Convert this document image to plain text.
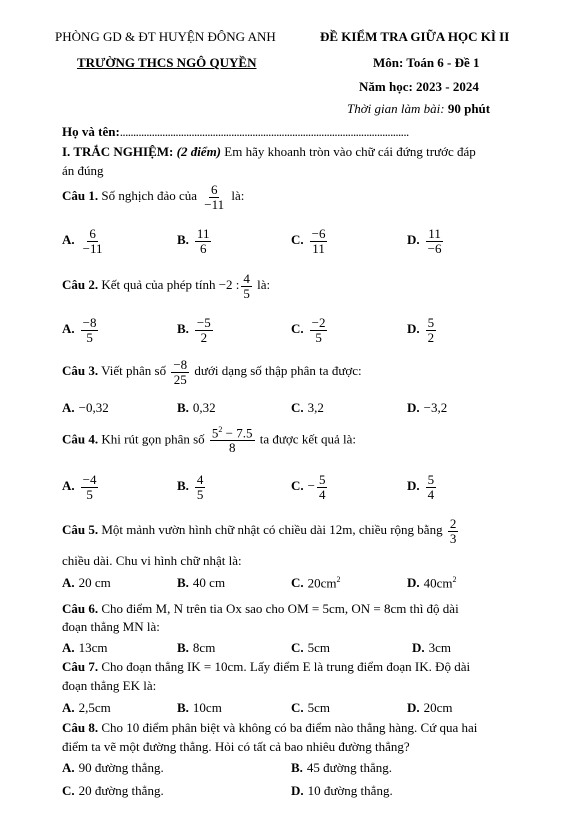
PHÒNG GD & ĐT HUYỆN ĐÔNG ANH	ĐỀ KIỂM TRA GIỮA HỌC KÌ II
TRƯỜNG THCS NGÔ QUYỀN	Môn: Toán 6 - Đề 1
Năm học: 2023 - 2024
Thời gian làm bài: 90 phút
Họ và tên:.............................................................................................................
I. TRẮC NGHIỆM: (2 điểm) Em hãy khoanh tròn vào chữ cái đứng trước đáp
án đúng
Câu 1. Số nghịch đảo của $\frac{6}{-11}$ là:
A. $\frac{6}{-11}$	B. $\frac{11}{6}$	C. $\frac{-6}{11}$	D. $\frac{11}{-6}$
Câu 2. Kết quả của phép tính −2 : $\frac{4}{5}$ là:
A. $\frac{-8}{5}$	B. $\frac{-5}{2}$	C. $\frac{-2}{5}$	D. $\frac{5}{2}$
Câu 3. Viết phân số $\frac{-8}{25}$ dưới dạng số thập phân ta được:
A. −0,32	B. 0,32	C. 3,2	D. −3,2
Câu 4. Khi rút gọn phân số $\frac{5^2 - 7.5}{8}$ ta được kết quả là:
A. $\frac{-4}{5}$	B. $\frac{4}{5}$	C. − $\frac{5}{4}$	D. $\frac{5}{4}$
Câu 5. Một mảnh vườn hình chữ nhật có chiều dài 12m, chiều rộng bằng $\frac{2}{3}$
chiều dài. Chu vi hình chữ nhật là:
A. 20 cm	B. 40 cm	C. $20cm^2$	D. $40cm^2$
Câu 6. Cho điểm M, N trên tia Ox sao cho OM = 5cm, ON = 8cm thì độ dài
đoạn thẳng MN là:
A. 13cm	B. 8cm	C. 5cm	D. 3cm
Câu 7. Cho đoạn thẳng IK = 10cm. Lấy điểm E là trung điểm đoạn IK. Độ dài
đoạn thẳng EK là:
A. 2,5cm	B. 10cm	C. 5cm	D. 20cm
Câu 8. Cho 10 điểm phân biệt và không có ba điểm nào thẳng hàng. Cứ qua hai
điểm ta vẽ một đường thẳng. Hỏi có tất cả bao nhiêu đường thẳng?
A. 90 đường thẳng.	B. 45 đường thẳng.
C. 20 đường thẳng.	D. 10 đường thẳng.
